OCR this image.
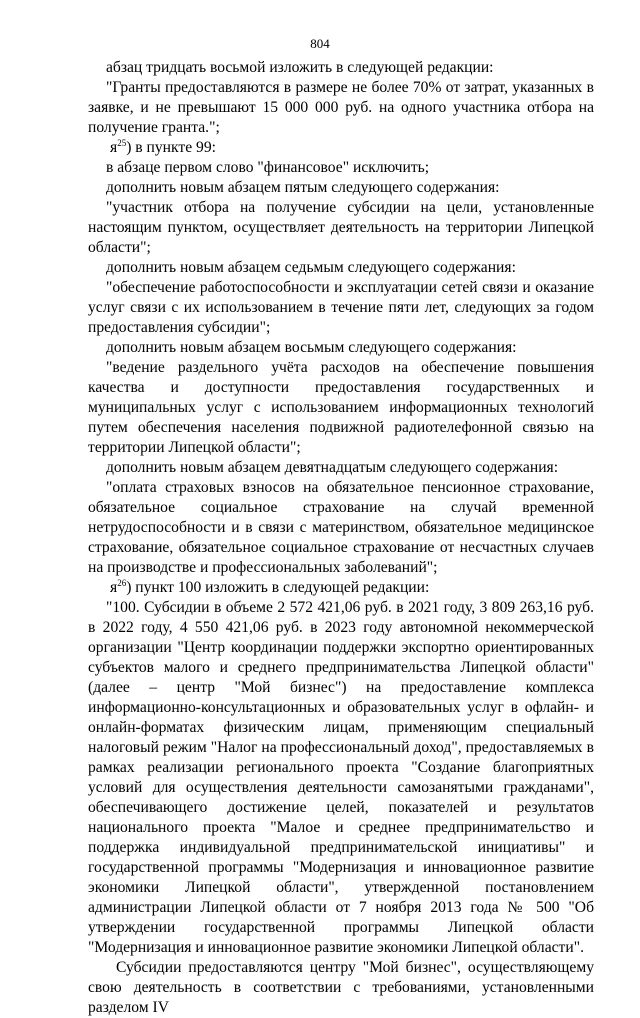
804

абзац тридцать восьмой изложить в следующей редакции:

"Гранты предоставляются в размере не более 70% от затрат, указанных в заявке, и не превышают 15 000 000 руб. на одного участника отбора на получение гранта.";

$я^{25}$) в пункте 99:

в абзаце первом слово "финансовое" исключить;

дополнить новым абзацем пятым следующего содержания:

"участник отбора на получение субсидии на цели, установленные настоящим пунктом, осуществляет деятельность на территории Липецкой области";

дополнить новым абзацем седьмым следующего содержания:

"обеспечение работоспособности и эксплуатации сетей связи и оказание услуг связи с их использованием в течение пяти лет, следующих за годом предоставления субсидии";

дополнить новым абзацем восьмым следующего содержания:

"ведение раздельного учёта расходов на обеспечение повышения качества и доступности предоставления государственных и муниципальных услуг с использованием информационных технологий путем обеспечения населения подвижной радиотелефонной связью на территории Липецкой области";

дополнить новым абзацем девятнадцатым следующего содержания:

"оплата страховых взносов на обязательное пенсионное страхование, обязательное социальное страхование на случай временной нетрудоспособности и в связи с материнством, обязательное медицинское страхование, обязательное социальное страхование от несчастных случаев на производстве и профессиональных заболеваний";

$я^{26}$) пункт 100 изложить в следующей редакции:

"100. Субсидии в объеме 2 572 421,06 руб. в 2021 году, 3 809 263,16 руб. в 2022 году, 4 550 421,06 руб. в 2023 году автономной некоммерческой организации "Центр координации поддержки экспортно ориентированных субъектов малого и среднего предпринимательства Липецкой области" (далее – центр "Мой бизнес") на предоставление комплекса информационно-консультационных и образовательных услуг в офлайн- и онлайн-форматах физическим лицам, применяющим специальный налоговый режим "Налог на профессиональный доход", предоставляемых в рамках реализации регионального проекта "Создание благоприятных условий для осуществления деятельности самозанятыми гражданами", обеспечивающего достижение целей, показателей и результатов национального проекта "Малое и среднее предпринимательство и поддержка индивидуальной предпринимательской инициативы" и государственной программы "Модернизация и инновационное развитие экономики Липецкой области", утвержденной постановлением администрации Липецкой области от 7 ноября 2013 года № 500 "Об утверждении государственной программы Липецкой области "Модернизация и инновационное развитие экономики Липецкой области".

Субсидии предоставляются центру "Мой бизнес", осуществляющему свою деятельность в соответствии с требованиями, установленными разделом IV
